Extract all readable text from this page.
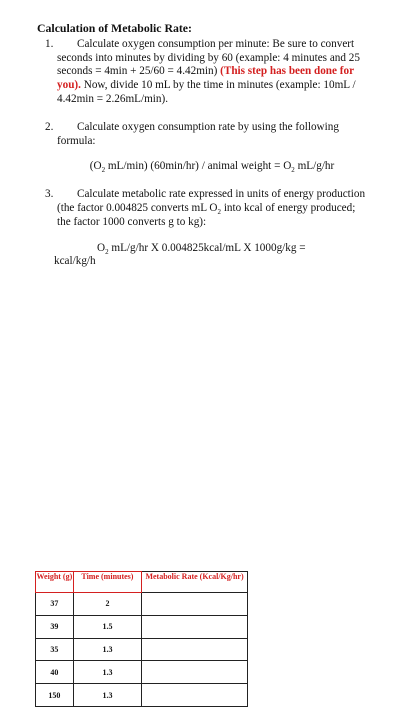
Calculation of Metabolic Rate:
1. Calculate oxygen consumption per minute: Be sure to convert seconds into minutes by dividing by 60 (example: 4 minutes and 25 seconds = 4min + 25/60 = 4.42min) (This step has been done for you). Now, divide 10 mL by the time in minutes (example: 10mL / 4.42min = 2.26mL/min).
2. Calculate oxygen consumption rate by using the following formula:
($O_2$ mL/min) (60min/hr) / animal weight = $O_2$ mL/g/hr
3. Calculate metabolic rate expressed in units of energy production (the factor 0.004825 converts mL $O_2$ into kcal of energy produced; the factor 1000 converts g to kg):
$O_2$ mL/g/hr X 0.004825kcal/mL X 1000g/kg =
kcal/kg/h
Weight (g)	Time (minutes)	Metabolic Rate (Kcal/Kg/hr)
37	2	
39	1.5	
35	1.3	
40	1.3	
150	1.3	
